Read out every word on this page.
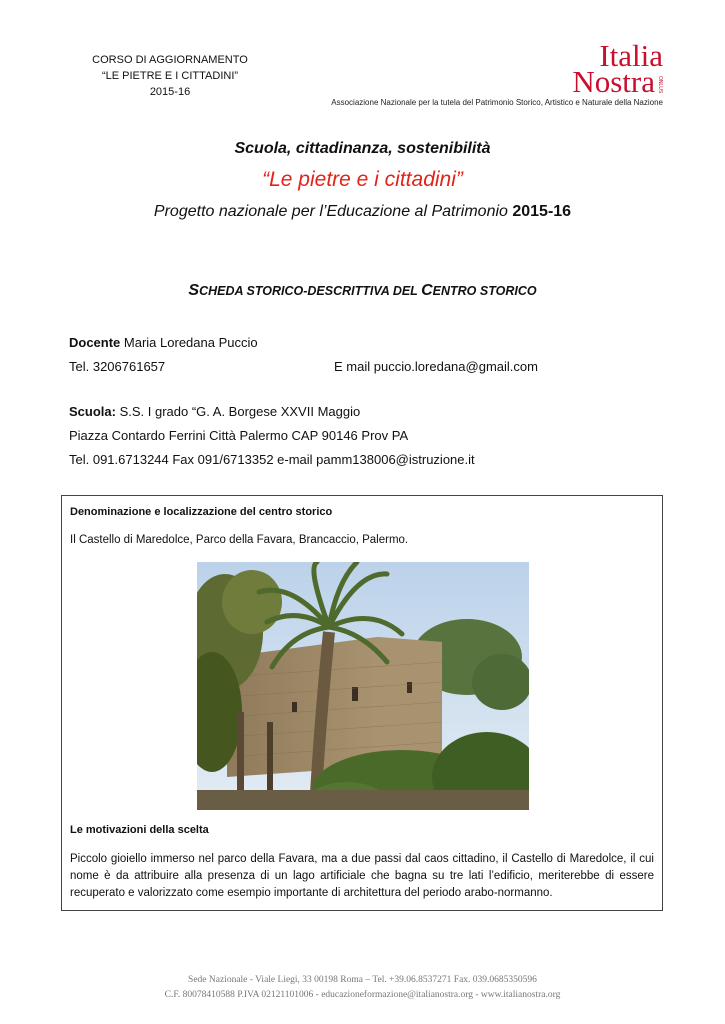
CORSO DI AGGIORNAMENTO
“LE PIETRE E I CITTADINI”
2015-16
Italia
Nostra ONLUS
Associazione Nazionale per la tutela del Patrimonio Storico, Artistico e Naturale della Nazione
Scuola, cittadinanza, sostenibilità
“Le pietre e i cittadini”
Progetto nazionale per l’Educazione al Patrimonio 2015-16
SCHEDA STORICO-DESCRITTIVA DEL CENTRO STORICO
Docente Maria Loredana Puccio
Tel. 3206761657	E mail puccio.loredana@gmail.com
Scuola: S.S. I grado “G. A. Borgese XXVII Maggio
Piazza Contardo Ferrini Città Palermo CAP 90146 Prov PA
Tel. 091.6713244 Fax 091/6713352 e-mail pamm138006@istruzione.it
Denominazione e localizzazione del centro storico
Il Castello di Maredolce, Parco della Favara, Brancaccio, Palermo.
Le motivazioni della scelta
Piccolo gioiello immerso nel parco della Favara, ma a due passi dal caos cittadino, il Castello di Maredolce, il cui nome è da attribuire alla presenza di un lago artificiale che bagna su tre lati l’edificio, meriterebbe di essere recuperato e valorizzato come esempio importante di architettura del periodo arabo-normanno.
Sede Nazionale - Viale Liegi, 33 00198 Roma – Tel. +39.06.8537271 Fax. 039.0685350596
C.F. 80078410588 P.IVA 02121101006 - educazioneformazione@italianostra.org - www.italianostra.org
